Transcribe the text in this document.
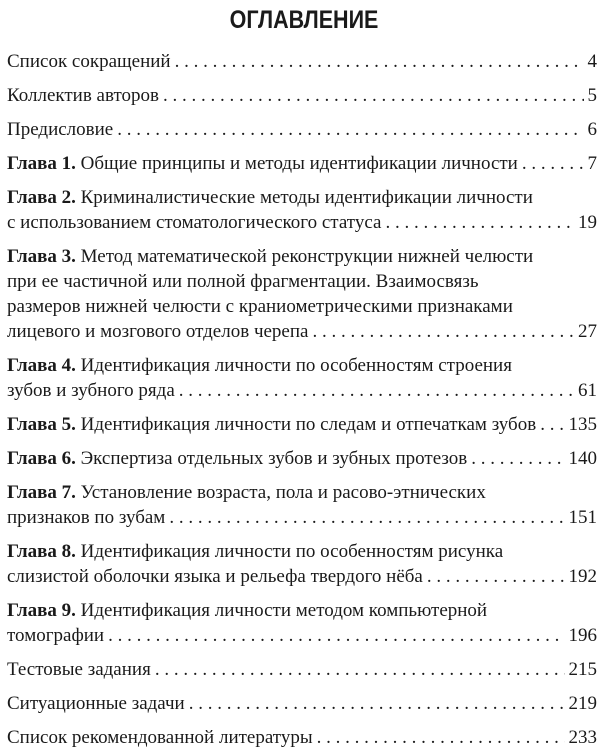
ОГЛАВЛЕНИЕ
Список сокращений . . .	4
Коллектив авторов . . .	5
Предисловие . . .	6
Глава 1. Общие принципы и методы идентификации личности . . .	7
Глава 2. Криминалистические методы идентификации личности
с использованием стоматологического статуса . . .	19
Глава 3. Метод математической реконструкции нижней челюсти
при ее частичной или полной фрагментации. Взаимосвязь
размеров нижней челюсти с краниометрическими признаками
лицевого и мозгового отделов черепа . . .	27
Глава 4. Идентификация личности по особенностям строения
зубов и зубного ряда . . .	61
Глава 5. Идентификация личности по следам и отпечаткам зубов . . . 135
Глава 6. Экспертиза отдельных зубов и зубных протезов . . .	140
Глава 7. Установление возраста, пола и расово-этнических
признаков по зубам . . .	151
Глава 8. Идентификация личности по особенностям рисунка
слизистой оболочки языка и рельефа твердого нёба . . .	192
Глава 9. Идентификация личности методом компьютерной
томографии . . .	196
Тестовые задания . . .	215
Ситуационные задачи . . .	219
Список рекомендованной литературы . . .	233
